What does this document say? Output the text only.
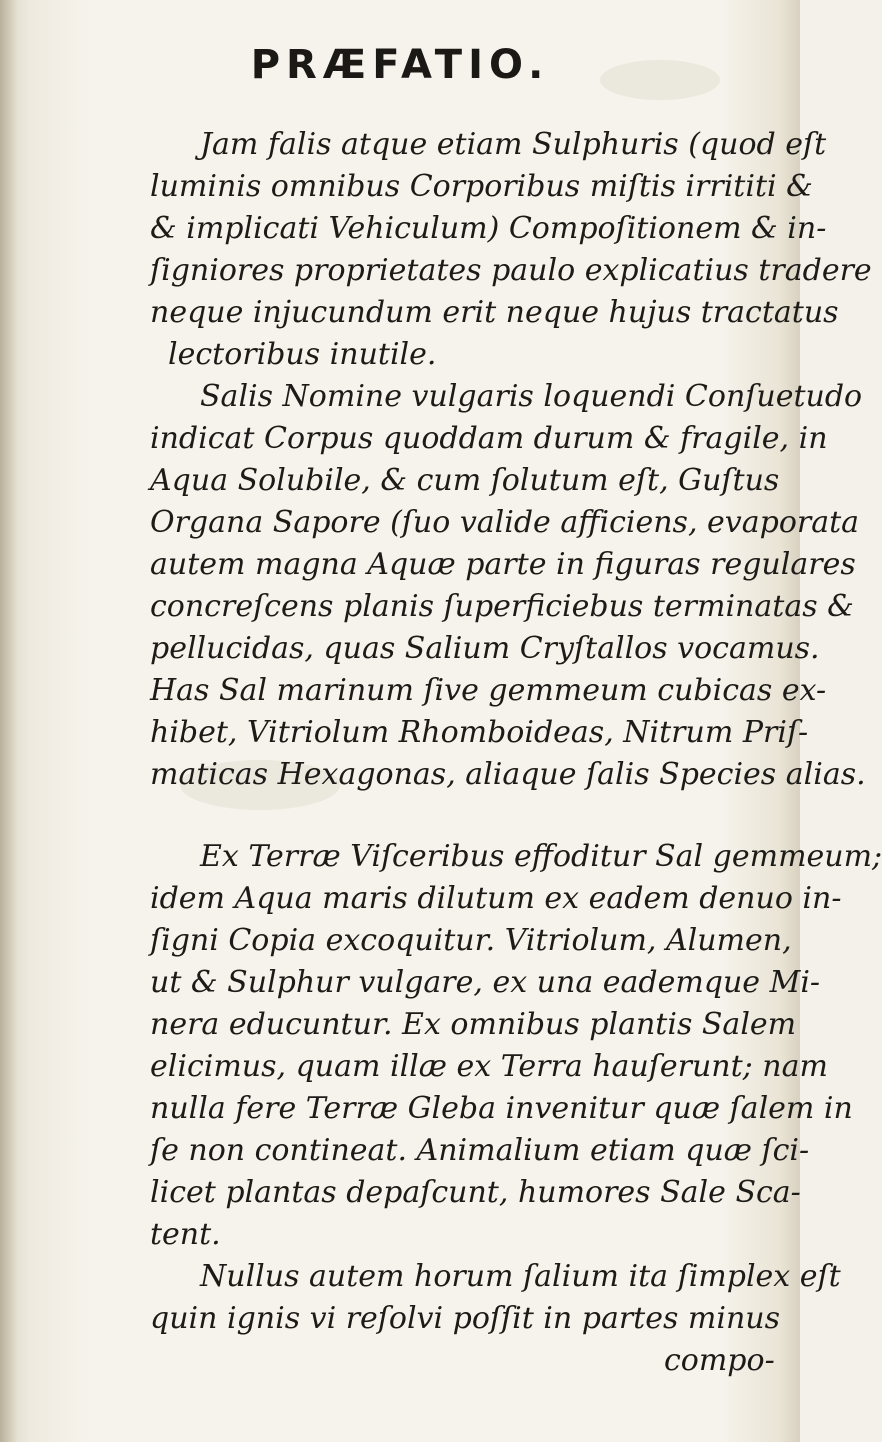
PRÆFATIO.
Jam falis atque etiam Sulphuris (quod eſt
luminis omnibus Corporibus miſtis irrititi &
& implicati Vehiculum) Compoſitionem & in-
ſigniores proprietates paulo explicatius tradere
neque injucundum erit neque hujus tractatus
lectoribus inutile.
Salis Nomine vulgaris loquendi Conſuetudo
indicat Corpus quoddam durum & fragile, in
Aqua Solubile, & cum ſolutum eſt, Guſtus
Organa Sapore (ſuo valide afficiens, evaporata
autem magna Aquæ parte in figuras regulares
concreſcens planis ſuperficiebus terminatas &
pellucidas, quas Salium Cryſtallos vocamus.
Has Sal marinum ſive gemmeum cubicas ex-
hibet, Vitriolum Rhomboideas, Nitrum Priſ-
maticas Hexagonas, aliaque ſalis Species alias.
Ex Terræ Viſceribus effoditur Sal gemmeum;
idem Aqua maris dilutum ex eadem denuo in-
ſigni Copia excoquitur. Vitriolum, Alumen,
ut & Sulphur vulgare, ex una eademque Mi-
nera educuntur. Ex omnibus plantis Salem
elicimus, quam illæ ex Terra hauſerunt; nam
nulla fere Terræ Gleba invenitur quæ ſalem in
ſe non contineat. Animalium etiam quæ ſci-
licet plantas depaſcunt, humores Sale Sca-
tent.
Nullus autem horum ſalium ita ſimplex eſt
quin ignis vi reſolvi poſſit in partes minus
compo-
